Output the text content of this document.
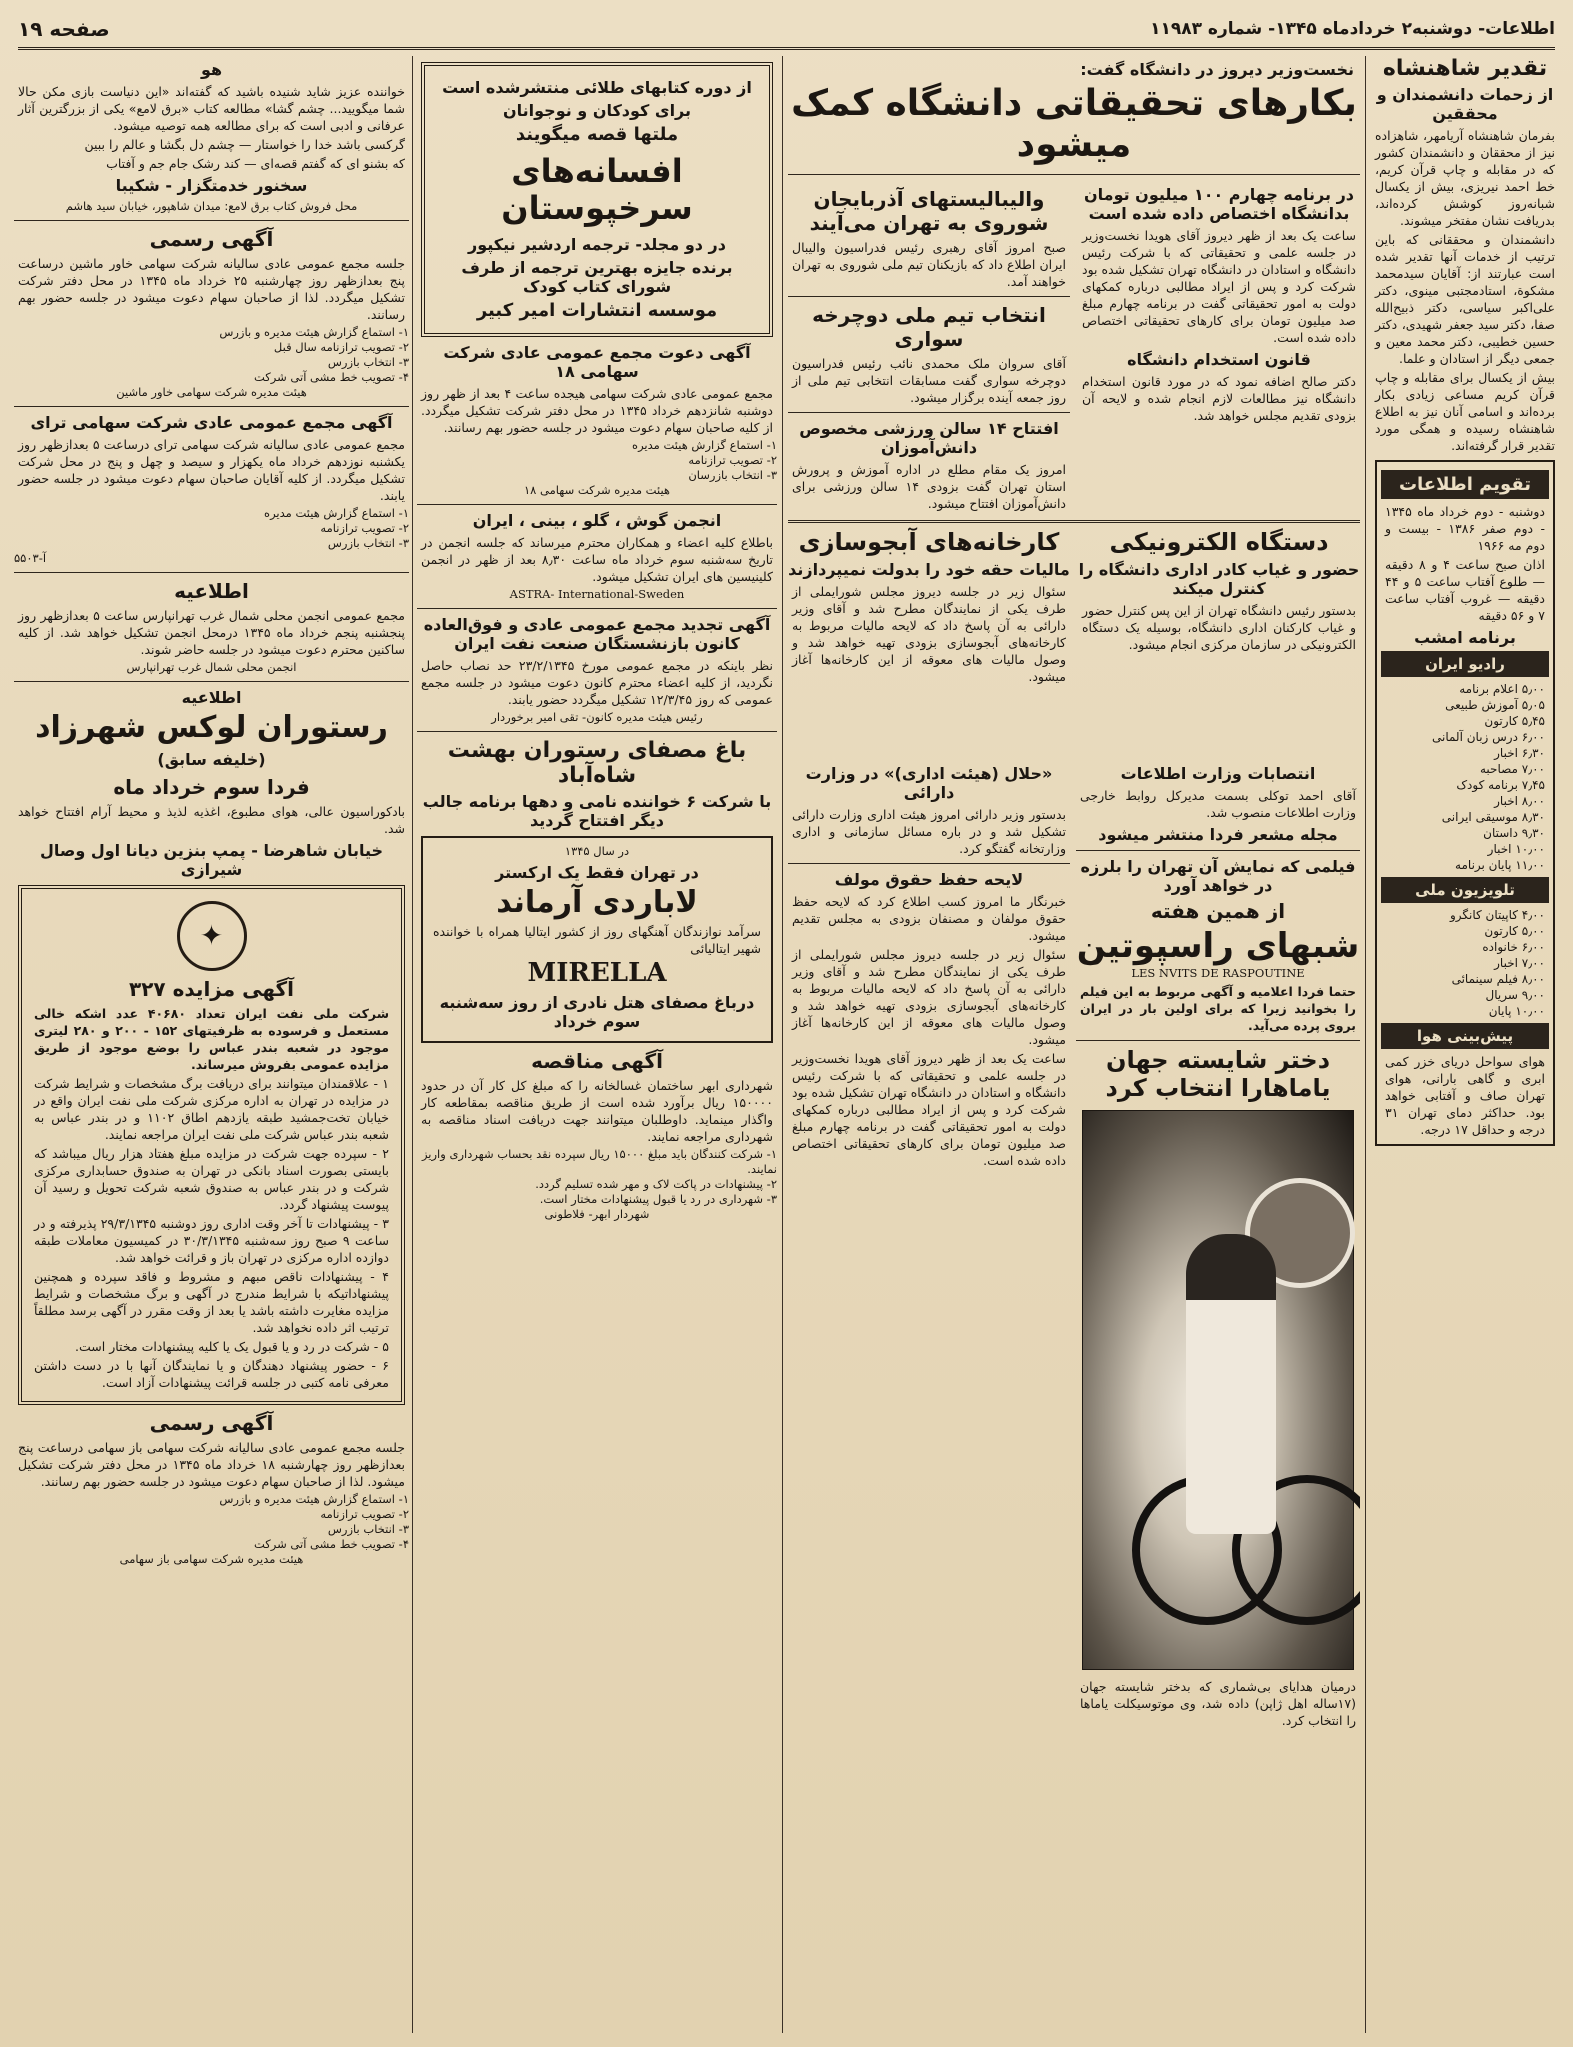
اطلاعات- دوشنبه۲ خردادماه ۱۳۴۵- شماره ۱۱۹۸۳
صفحه ۱۹
تقدیر شاهنشاه
از زحمات دانشمندان و محققین

بفرمان شاهنشاه آریامهر، شاهزاده نیز از محققان و دانشمندان کشور که در مقابله و چاپ قرآن کریم، خط احمد نیریزی، بیش از یکسال شبانه‌روز کوشش کرده‌اند، بدریافت نشان مفتخر میشوند.

دانشمندان و محققانی که باین ترتیب از خدمات آنها تقدیر شده است عبارتند از: آقایان سیدمحمد مشکوة، استادمجتبی مینوی، دکتر علی‌اکبر سیاسی، دکتر ذبیح‌الله صفا، دکتر سید جعفر شهیدی، دکتر حسین خطیبی، دکتر محمد معین و جمعی دیگر از استادان و علما.

بیش از یکسال برای مقابله و چاپ قرآن کریم مساعی زیادی بکار برده‌اند و اسامی آنان نیز به اطلاع شاهنشاه رسیده و همگی مورد تقدیر قرار گرفته‌اند.

تقویم اطلاعات

دوشنبه - دوم خرداد ماه ۱۳۴۵ - دوم صفر ۱۳۸۶ - بیست و دوم مه ۱۹۶۶

اذان صبح ساعت ۴ و ۸ دقیقه — طلوع آفتاب ساعت ۵ و ۴۴ دقیقه — غروب آفتاب ساعت ۷ و ۵۶ دقیقه

برنامه امشب
رادیو ایران
۵٫۰۰ اعلام برنامه
۵٫۰۵ آموزش طبیعی
۵٫۴۵ کارتون
۶٫۰۰ درس زبان آلمانی
۶٫۳۰ اخبار
۷٫۰۰ مصاحبه
۷٫۴۵ برنامه کودک
۸٫۰۰ اخبار
۸٫۳۰ موسیقی ایرانی
۹٫۳۰ داستان
۱۰٫۰۰ اخبار
۱۱٫۰۰ پایان برنامه
تلویزیون ملی
۴٫۰۰ کاپیتان کانگرو
۵٫۰۰ کارتون
۶٫۰۰ خانواده
۷٫۰۰ اخبار
۸٫۰۰ فیلم سینمائی
۹٫۰۰ سریال
۱۰٫۰۰ پایان
پیش‌بینی هوا

هوای سواحل دریای خزر کمی ابری و گاهی بارانی، هوای تهران صاف و آفتابی خواهد بود. حداکثر دمای تهران ۳۱ درجه و حداقل ۱۷ درجه.

نخست‌وزیر دیروز در دانشگاه گفت:
بکارهای تحقیقاتی دانشگاه کمک میشود
در برنامه چهارم ۱۰۰ میلیون تومان بدانشگاه اختصاص داده شده است

ساعت یک بعد از ظهر دیروز آقای هویدا نخست‌وزیر در جلسه علمی و تحقیقاتی که با شرکت رئیس دانشگاه و استادان در دانشگاه تهران تشکیل شده بود شرکت کرد و پس از ایراد مطالبی درباره کمکهای دولت به امور تحقیقاتی گفت در برنامه چهارم مبلغ صد میلیون تومان برای کارهای تحقیقاتی اختصاص داده شده است.

قانون استخدام دانشگاه

دکتر صالح اضافه نمود که در مورد قانون استخدام دانشگاه نیز مطالعات لازم انجام شده و لایحه آن بزودی تقدیم مجلس خواهد شد.

والیبالیستهای آذربایجان شوروی به تهران می‌آیند

صبح امروز آقای رهبری رئیس فدراسیون والیبال ایران اطلاع داد که بازیکنان تیم ملی شوروی به تهران خواهند آمد.

انتخاب تیم ملی دوچرخه سواری

آقای سروان ملک محمدی نائب رئیس فدراسیون دوچرخه سواری گفت مسابقات انتخابی تیم ملی از روز جمعه آینده برگزار میشود.

افتتاح ۱۴ سالن ورزشی مخصوص دانش‌آموزان

امروز یک مقام مطلع در اداره آموزش و پرورش استان تهران گفت بزودی ۱۴ سالن ورزشی برای دانش‌آموزان افتتاح میشود.

دستگاه الکترونیکی
حضور و غیاب کادر اداری دانشگاه را کنترل میکند

بدستور رئیس دانشگاه تهران از این پس کنترل حضور و غیاب کارکنان اداری دانشگاه، بوسیله یک دستگاه الکترونیکی در سازمان مرکزی انجام میشود.

کارخانه‌های آبجوسازی
مالیات حقه خود را بدولت نمیپردازند

سئوال زیر در جلسه دیروز مجلس شورایملی از طرف یکی از نمایندگان مطرح شد و آقای وزیر دارائی به آن پاسخ داد که لایحه مالیات مربوط به کارخانه‌های آبجوسازی بزودی تهیه خواهد شد و وصول مالیات های معوقه از این کارخانه‌ها آغاز میشود.

انتصابات وزارت اطلاعات

آقای احمد توکلی بسمت مدیرکل روابط خارجی وزارت اطلاعات منصوب شد.

مجله مشعر فردا منتشر میشود
فیلمی که نمایش آن تهران را بلرزه در خواهد آورد
از همین هفته
شبهای راسپوتین
LES NVITS DE RASPOUTINE

حتما فردا اعلامیه و آگهی مربوط به این فیلم را بخوانید زیرا که برای اولین بار در ایران بروی پرده می‌آید.

دختر شایسته جهان
یاماهارا انتخاب کرد

درمیان هدایای بی‌شماری که بدختر شایسته جهان (۱۷ساله اهل ژاپن) داده شد، وی موتوسیکلت یاماها را انتخاب کرد.

«حلال (هیئت اداری)» در وزارت دارائی

بدستور وزیر دارائی امروز هیئت اداری وزارت دارائی تشکیل شد و در باره مسائل سازمانی و اداری وزارتخانه گفتگو کرد.

لایحه حفظ حقوق مولف

خبرنگار ما امروز کسب اطلاع کرد که لایحه حفظ حقوق مولفان و مصنفان بزودی به مجلس تقدیم میشود.

سئوال زیر در جلسه دیروز مجلس شورایملی از طرف یکی از نمایندگان مطرح شد و آقای وزیر دارائی به آن پاسخ داد که لایحه مالیات مربوط به کارخانه‌های آبجوسازی بزودی تهیه خواهد شد و وصول مالیات های معوقه از این کارخانه‌ها آغاز میشود.

ساعت یک بعد از ظهر دیروز آقای هویدا نخست‌وزیر در جلسه علمی و تحقیقاتی که با شرکت رئیس دانشگاه و استادان در دانشگاه تهران تشکیل شده بود شرکت کرد و پس از ایراد مطالبی درباره کمکهای دولت به امور تحقیقاتی گفت در برنامه چهارم مبلغ صد میلیون تومان برای کارهای تحقیقاتی اختصاص داده شده است.

از دوره کتابهای طلائی منتشرشده است
برای کودکان و نوجوانان
ملتها قصه میگویند
افسانه‌های سرخپوستان
در دو مجلد- ترجمه اردشیر نیکپور
برنده جایزه بهترین ترجمه از طرف شورای کتاب کودک
موسسه انتشارات امیر کبیر
آگهی دعوت مجمع عمومی عادی شرکت سهامی ۱۸

مجمع عمومی عادی شرکت سهامی هیجده ساعت ۴ بعد از ظهر روز دوشنبه شانزدهم خرداد ۱۳۴۵ در محل دفتر شرکت تشکیل میگردد. از کلیه صاحبان سهام دعوت میشود در جلسه حضور بهم رسانند.

۱- استماع گزارش هیئت مدیره
۲- تصویب ترازنامه
۳- انتخاب بازرسان
هیئت مدیره شرکت سهامی ۱۸
انجمن گوش ، گلو ، بینی ، ایران

باطلاع کلیه اعضاء و همکاران محترم میرساند که جلسه انجمن در تاریخ سه‌شنبه سوم خرداد ماه ساعت ۸٫۳۰ بعد از ظهر در انجمن کلینیسین های ایران تشکیل میشود.

ASTRA- International-Sweden
آگهی تجدید مجمع عمومی عادی و فوق‌العاده کانون بازنشستگان صنعت نفت ایران

نظر باینکه در مجمع عمومی مورخ ۲۳/۲/۱۳۴۵ حد نصاب حاصل نگردید، از کلیه اعضاء محترم کانون دعوت میشود در جلسه مجمع عمومی که روز ۱۲/۳/۴۵ تشکیل میگردد حضور یابند.

رئیس هیئت مدیره کانون- تقی امیر برخوردار
باغ مصفای رستوران بهشت شاه‌آباد
با شرکت ۶ خواننده نامی و دهها برنامه جالب دیگر افتتاح گردید
در سال ۱۳۴۵
در تهران فقط یک ارکستر
لاباردی آرماند

سرآمد نوازندگان آهنگهای روز از کشور ایتالیا همراه با خواننده شهیر ایتالیائی

MIRELLA
درباغ مصفای هتل نادری از روز سه‌شنبه سوم خرداد
آگهی مناقصه

شهرداری ابهر ساختمان غسالخانه را که مبلغ کل کار آن در حدود ۱۵۰۰۰۰ ریال برآورد شده است از طریق مناقصه بمقاطعه کار واگذار مینماید. داوطلبان میتوانند جهت دریافت اسناد مناقصه به شهرداری مراجعه نمایند.

۱- شرکت کنندگان باید مبلغ ۱۵۰۰۰ ریال سپرده نقد بحساب شهرداری واریز نمایند.
۲- پیشنهادات در پاکت لاک و مهر شده تسلیم گردد.
۳- شهرداری در رد یا قبول پیشنهادات مختار است.
شهردار ابهر- فلاطونی
هو

خواننده عزیز شاید شنیده باشید که گفته‌اند «این دنیاست بازی مکن حالا شما میگویید... چشم گشا» مطالعه کتاب «برق لامع» یکی از بزرگترین آثار عرفانی و ادبی است که برای مطالعه همه توصیه میشود.

گرکسی باشد خدا را خواستار — چشم دل بگشا و عالم را ببین

که بشنو ای که گفتم قصه‌ای — کند رشک جام جم و آفتاب

سخنور خدمتگزار - شکیبا
محل فروش کتاب برق لامع: میدان شاهپور، خیابان سید هاشم
آگهی رسمی

جلسه مجمع عمومی عادی سالیانه شرکت سهامی خاور ماشین درساعت پنج بعدازظهر روز چهارشنبه ۲۵ خرداد ماه ۱۳۴۵ در محل دفتر شرکت تشکیل میگردد. لذا از صاحبان سهام دعوت میشود در جلسه حضور بهم رسانند.

۱- استماع گزارش هیئت مدیره و بازرس
۲- تصویب ترازنامه سال قبل
۳- انتخاب بازرس
۴- تصویب خط مشی آتی شرکت
هیئت مدیره شرکت سهامی خاور ماشین
آگهی مجمع عمومی عادی شرکت سهامی ترای

مجمع عمومی عادی سالیانه شرکت سهامی ترای درساعت ۵ بعدازظهر روز یکشنبه نوزدهم خرداد ماه یکهزار و سیصد و چهل و پنج در محل شرکت تشکیل میگردد. از کلیه آقایان صاحبان سهام دعوت میشود در جلسه حضور یابند.

۱- استماع گزارش هیئت مدیره
۲- تصویب ترازنامه
۳- انتخاب بازرس
آ-۵۵۰۳
اطلاعیه

مجمع عمومی انجمن محلی شمال غرب تهرانپارس ساعت ۵ بعدازظهر روز پنجشنبه پنجم خرداد ماه ۱۳۴۵ درمحل انجمن تشکیل خواهد شد. از کلیه ساکنین محترم دعوت میشود در جلسه حاضر شوند.

انجمن محلی شمال غرب تهرانپارس
اطلاعیه
رستوران لوکس شهرزاد
(خلیفه سابق)
فردا سوم خرداد ماه

بادکوراسیون عالی، هوای مطبوع، اغذیه لذیذ و محیط آرام افتتاح خواهد شد.

خیابان شاهرضا - پمپ بنزین دیانا اول وصال شیرازی
✦
آگهی مزایده ۳۲۷

شرکت ملی نفت ایران تعداد ۴۰۶۸۰ عدد اشکه خالی مستعمل و فرسوده به ظرفیتهای ۱۵۲ - ۲۰۰ و ۲۸۰ لیتری موجود در شعبه بندر عباس را بوضع موجود از طریق مزایده عمومی بفروش میرساند.

۱ - علاقمندان میتوانند برای دریافت برگ مشخصات و شرایط شرکت در مزایده در تهران به اداره مرکزی شرکت ملی نفت ایران واقع در خیابان تخت‌جمشید طبقه یازدهم اطاق ۱۱۰۲ و در بندر عباس به شعبه بندر عباس شرکت ملی نفت ایران مراجعه نمایند.

۲ - سپرده جهت شرکت در مزایده مبلغ هفتاد هزار ریال میباشد که بایستی بصورت اسناد بانکی در تهران به صندوق حسابداری مرکزی شرکت و در بندر عباس به صندوق شعبه شرکت تحویل و رسید آن پیوست پیشنهاد گردد.

۳ - پیشنهادات تا آخر وقت اداری روز دوشنبه ۲۹/۳/۱۳۴۵ پذیرفته و در ساعت ۹ صبح روز سه‌شنبه ۳۰/۳/۱۳۴۵ در کمیسیون معاملات طبقه دوازده اداره مرکزی در تهران باز و قرائت خواهد شد.

۴ - پیشنهادات ناقص مبهم و مشروط و فاقد سپرده و همچنین پیشنهاداتیکه با شرایط مندرج در آگهی و برگ مشخصات و شرایط مزایده مغایرت داشته باشد یا بعد از وقت مقرر در آگهی برسد مطلقاً ترتیب اثر داده نخواهد شد.

۵ - شرکت در رد و یا قبول یک یا کلیه پیشنهادات مختار است.

۶ - حضور پیشنهاد دهندگان و یا نمایندگان آنها با در دست داشتن معرفی نامه کتبی در جلسه قرائت پیشنهادات آزاد است.

آگهی رسمی

جلسه مجمع عمومی عادی سالیانه شرکت سهامی باز سهامی درساعت پنج بعدازظهر روز چهارشنبه ۱۸ خرداد ماه ۱۳۴۵ در محل دفتر شرکت تشکیل میشود. لذا از صاحبان سهام دعوت میشود در جلسه حضور بهم رسانند.

۱- استماع گزارش هیئت مدیره و بازرس
۲- تصویب ترازنامه
۳- انتخاب بازرس
۴- تصویب خط مشی آتی شرکت
هیئت مدیره شرکت سهامی باز سهامی
